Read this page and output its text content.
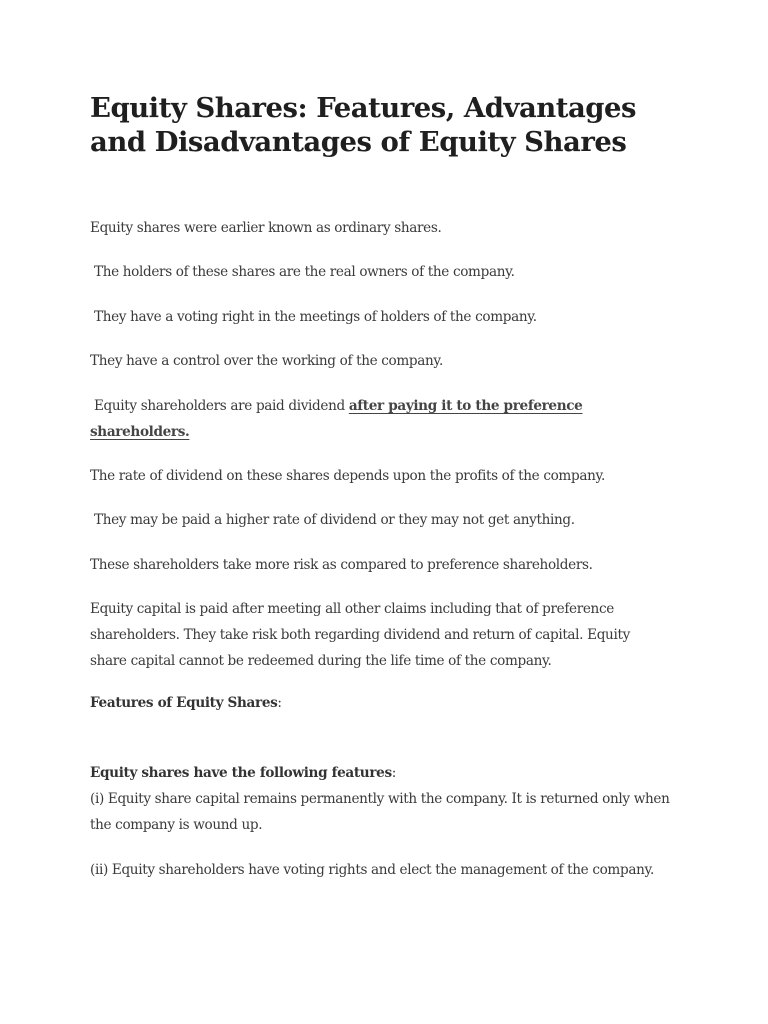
Equity Shares: Features, Advantages and Disadvantages of Equity Shares

Equity shares were earlier known as ordinary shares.

The holders of these shares are the real owners of the company.

They have a voting right in the meetings of holders of the company.

They have a control over the working of the company.

Equity shareholders are paid dividend after paying it to the preference shareholders.

The rate of dividend on these shares depends upon the profits of the company.

They may be paid a higher rate of dividend or they may not get anything.

These shareholders take more risk as compared to preference shareholders.

Equity capital is paid after meeting all other claims including that of preference shareholders. They take risk both regarding dividend and return of capital. Equity share capital cannot be redeemed during the life time of the company.

Features of Equity Shares:

Equity shares have the following features:
(i) Equity share capital remains permanently with the company. It is returned only when the company is wound up.

(ii) Equity shareholders have voting rights and elect the management of the company.
